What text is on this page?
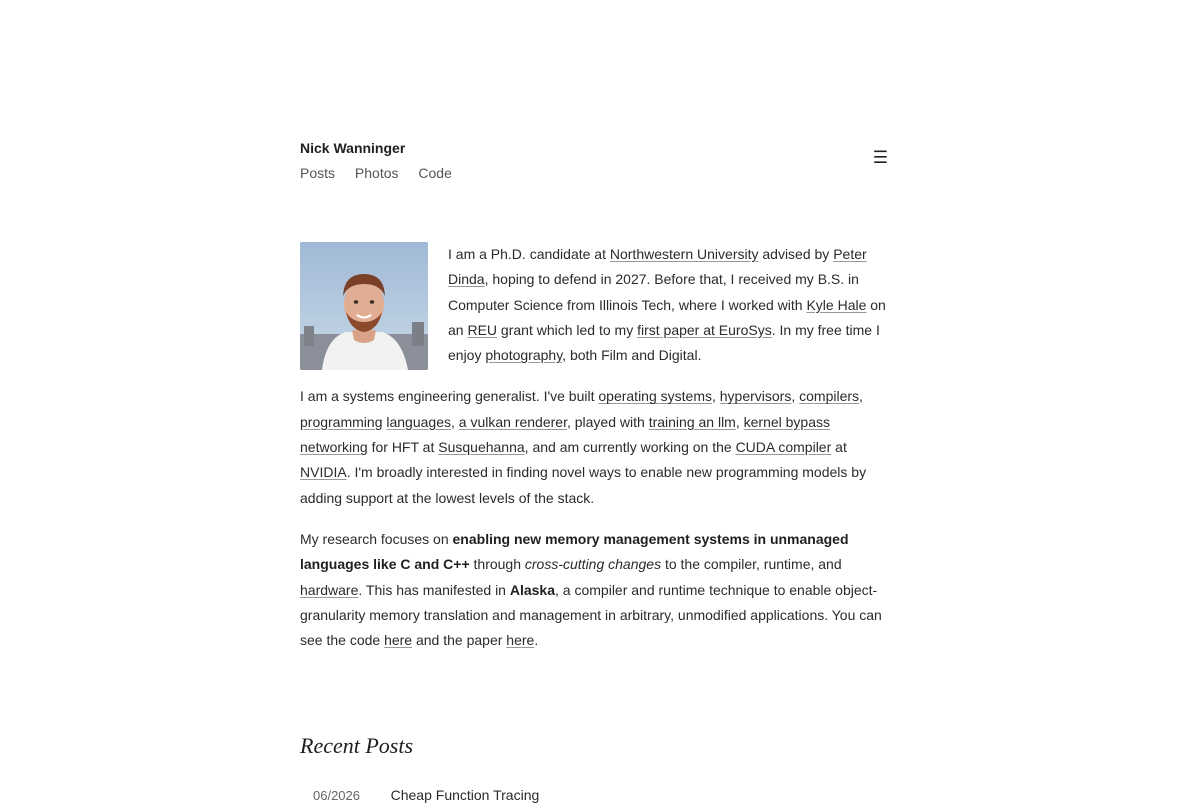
Nick Wanninger
Posts Photos Code
☰

I am a Ph.D. candidate at Northwestern University advised by Peter Dinda, hoping to defend in 2027. Before that, I received my B.S. in Computer Science from Illinois Tech, where I worked with Kyle Hale on an REU grant which led to my first paper at EuroSys. In my free time I enjoy photography, both Film and Digital.

I am a systems engineering generalist. I've built operating systems, hypervisors, compilers, programming languages, a vulkan renderer, played with training an llm, kernel bypass networking for HFT at Susquehanna, and am currently working on the CUDA compiler at NVIDIA. I'm broadly interested in finding novel ways to enable new programming models by adding support at the lowest levels of the stack.

My research focuses on enabling new memory management systems in unmanaged languages like C and C++ through cross-cutting changes to the compiler, runtime, and hardware. This has manifested in Alaska, a compiler and runtime technique to enable object-granularity memory translation and management in arbitrary, unmodified applications. You can see the code here and the paper here.

Recent Posts
06/2026 Cheap Function Tracing
